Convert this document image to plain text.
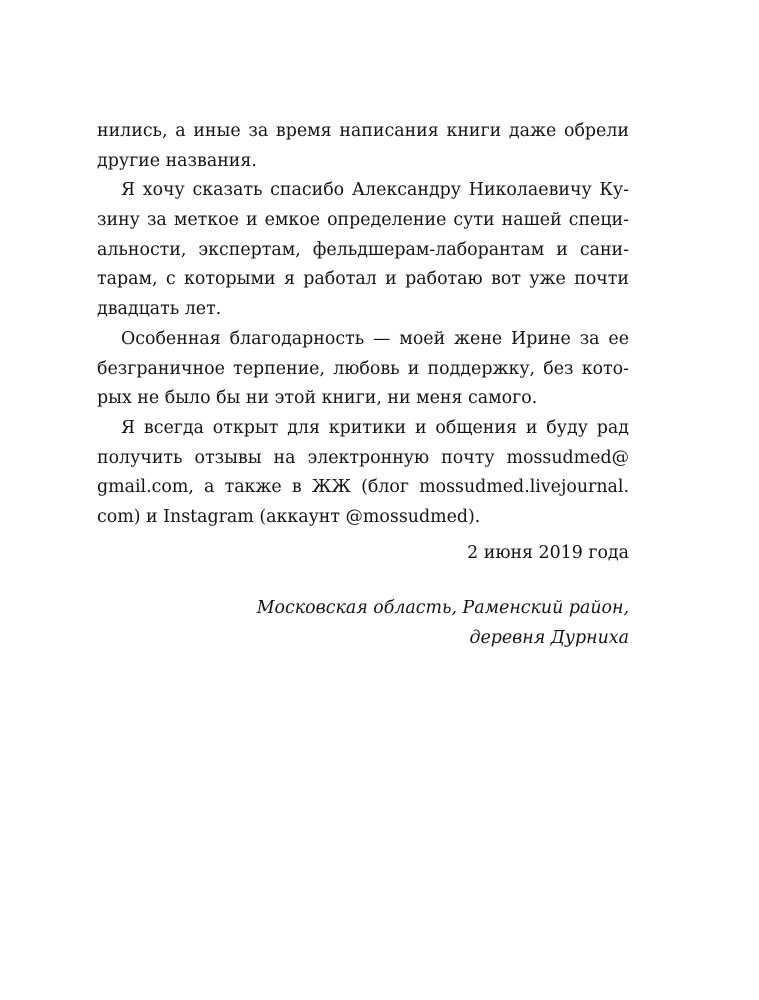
нились, а иные за время написания книги даже обрели
другие названия.
Я хочу сказать спасибо Александру Николаевичу Ку-
зину за меткое и емкое определение сути нашей специ-
альности, экспертам, фельдшерам-лаборантам и сани-
тарам, с которыми я работал и работаю вот уже почти
двадцать лет.
Особенная благодарность — моей жене Ирине за ее
безграничное терпение, любовь и поддержку, без кото-
рых не было бы ни этой книги, ни меня самого.
Я всегда открыт для критики и общения и буду рад
получить отзывы на электронную почту mossudmed@
gmail.com, а также в ЖЖ (блог mossudmed.livejournal.
com) и Instagram (аккаунт @mossudmed).
2 июня 2019 года
Московская область, Раменский район,
деревня Дурниха
